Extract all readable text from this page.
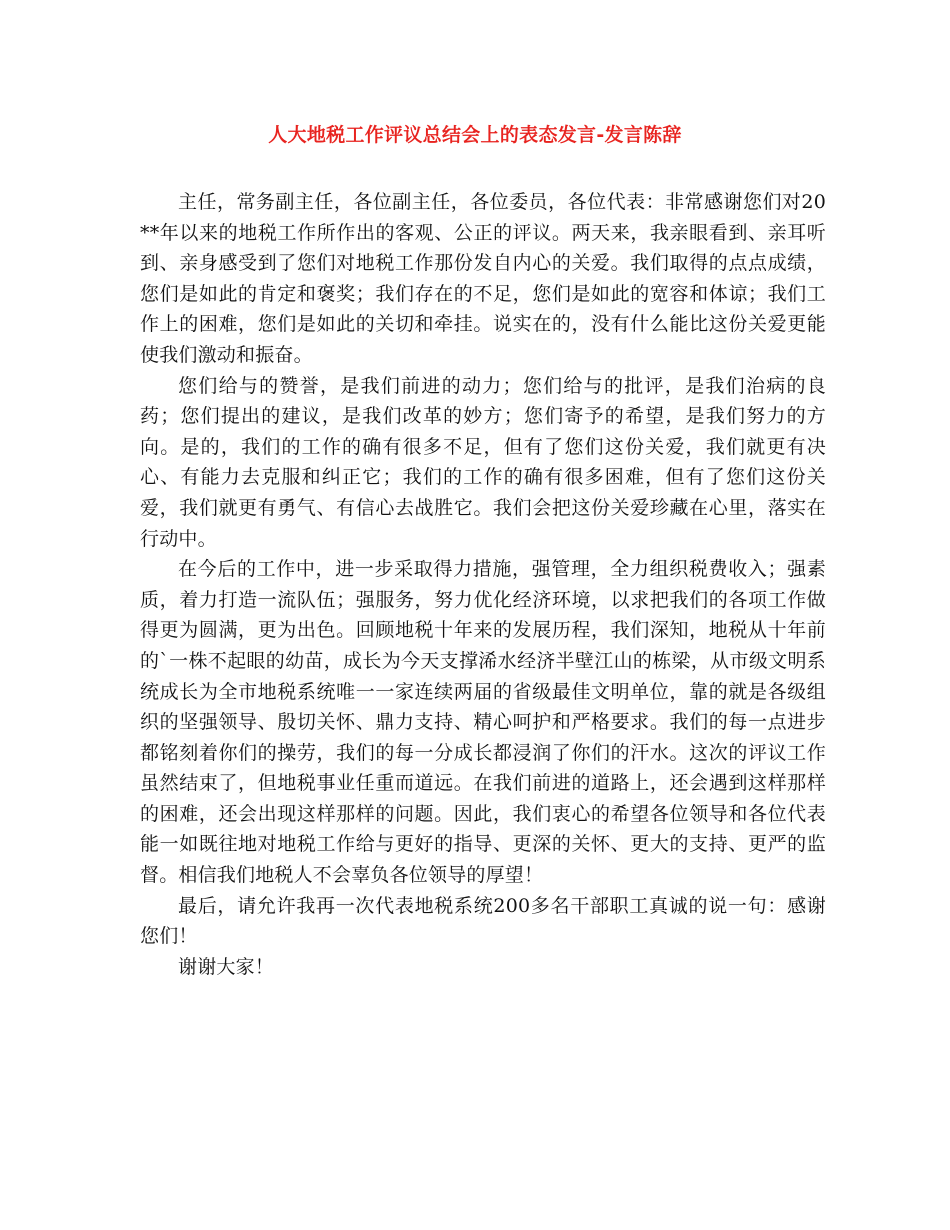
人大地税工作评议总结会上的表态发言-发言陈辞

主任，常务副主任，各位副主任，各位委员，各位代表：非常感谢您们对20**年以来的地税工作所作出的客观、公正的评议。两天来，我亲眼看到、亲耳听到、亲身感受到了您们对地税工作那份发自内心的关爱。我们取得的点点成绩，您们是如此的肯定和褒奖；我们存在的不足，您们是如此的宽容和体谅；我们工作上的困难，您们是如此的关切和牵挂。说实在的，没有什么能比这份关爱更能使我们激动和振奋。

您们给与的赞誉，是我们前进的动力；您们给与的批评，是我们治病的良药；您们提出的建议，是我们改革的妙方；您们寄予的希望，是我们努力的方向。是的，我们的工作的确有很多不足，但有了您们这份关爱，我们就更有决心、有能力去克服和纠正它；我们的工作的确有很多困难，但有了您们这份关爱，我们就更有勇气、有信心去战胜它。我们会把这份关爱珍藏在心里，落实在行动中。

在今后的工作中，进一步采取得力措施，强管理，全力组织税费收入；强素质，着力打造一流队伍；强服务，努力优化经济环境，以求把我们的各项工作做得更为圆满，更为出色。回顾地税十年来的发展历程，我们深知，地税从十年前的`一株不起眼的幼苗，成长为今天支撑浠水经济半壁江山的栋梁，从市级文明系统成长为全市地税系统唯一一家连续两届的省级最佳文明单位，靠的就是各级组织的坚强领导、殷切关怀、鼎力支持、精心呵护和严格要求。我们的每一点进步都铭刻着你们的操劳，我们的每一分成长都浸润了你们的汗水。这次的评议工作虽然结束了，但地税事业任重而道远。在我们前进的道路上，还会遇到这样那样的困难，还会出现这样那样的问题。因此，我们衷心的希望各位领导和各位代表能一如既往地对地税工作给与更好的指导、更深的关怀、更大的支持、更严的监督。相信我们地税人不会辜负各位领导的厚望！

最后，请允许我再一次代表地税系统200多名干部职工真诚的说一句：感谢您们！

谢谢大家！
